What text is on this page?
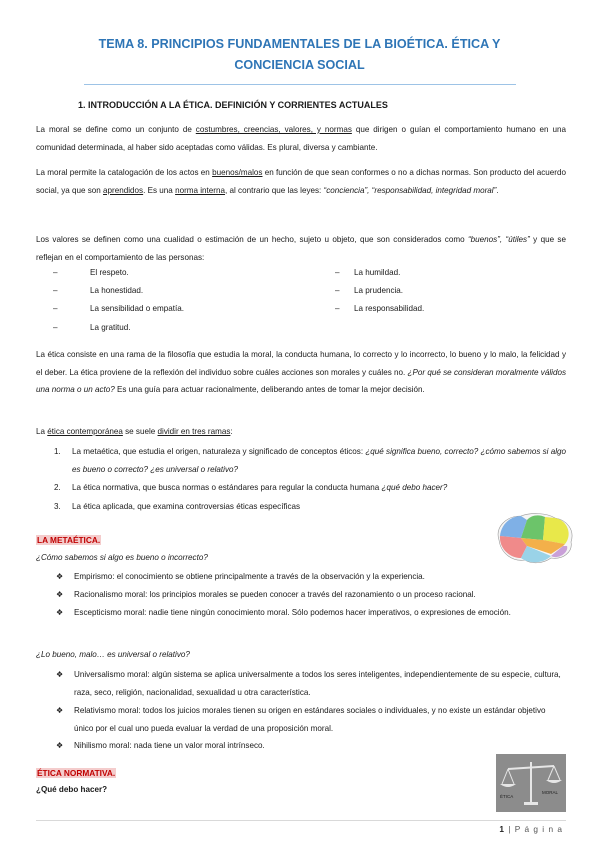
TEMA 8. PRINCIPIOS FUNDAMENTALES DE LA BIOÉTICA. ÉTICA Y
CONCIENCIA SOCIAL
1. INTRODUCCIÓN A LA ÉTICA. DEFINICIÓN Y CORRIENTES ACTUALES
La moral se define como un conjunto de costumbres, creencias, valores, y normas que dirigen o guían el comportamiento humano en una comunidad determinada, al haber sido aceptadas como válidas. Es plural, diversa y cambiante.
La moral permite la catalogación de los actos en buenos/malos en función de que sean conformes o no a dichas normas. Son producto del acuerdo social, ya que son aprendidos. Es una norma interna, al contrario que las leyes: “conciencia”, “responsabilidad, integridad moral”.
Los valores se definen como una cualidad o estimación de un hecho, sujeto u objeto, que son considerados como “buenos”, “útiles” y que se reflejan en el comportamiento de las personas:
–	El respeto.
–	La honestidad.
–	La sensibilidad o empatía.
–	La gratitud.
– La humildad.
– La prudencia.
– La responsabilidad.
La ética consiste en una rama de la filosofía que estudia la moral, la conducta humana, lo correcto y lo incorrecto, lo bueno y lo malo, la felicidad y el deber. La ética proviene de la reflexión del individuo sobre cuáles acciones son morales y cuáles no. ¿Por qué se consideran moralmente válidos una norma o un acto? Es una guía para actuar racionalmente, deliberando antes de tomar la mejor decisión.
La ética contemporánea se suele dividir en tres ramas:
1. La metaética, que estudia el origen, naturaleza y significado de conceptos éticos: ¿qué significa bueno, correcto? ¿cómo sabemos si algo es bueno o correcto? ¿es universal o relativo?
2. La ética normativa, que busca normas o estándares para regular la conducta humana ¿qué debo hacer?
3. La ética aplicada, que examina controversias éticas específicas
LA METAÉTICA.
¿Cómo sabemos si algo es bueno o incorrecto?
❖ Empirismo: el conocimiento se obtiene principalmente a través de la observación y la experiencia.
❖ Racionalismo moral: los principios morales se pueden conocer a través del razonamiento o un proceso racional.
❖ Escepticismo moral: nadie tiene ningún conocimiento moral. Sólo podemos hacer imperativos, o expresiones de emoción.
¿Lo bueno, malo… es universal o relativo?
❖ Universalismo moral: algún sistema se aplica universalmente a todos los seres inteligentes, independientemente de su especie, cultura, raza, seco, religión, nacionalidad, sexualidad u otra característica.
❖ Relativismo moral: todos los juicios morales tienen su origen en estándares sociales o individuales, y no existe un estándar objetivo único por el cual uno pueda evaluar la verdad de una proposición moral.
❖ Nihilismo moral: nada tiene un valor moral intrínseco.
ÉTICA NORMATIVA.
¿Qué debo hacer?
ÉTICA
MORAL
1 | P á g i n a
